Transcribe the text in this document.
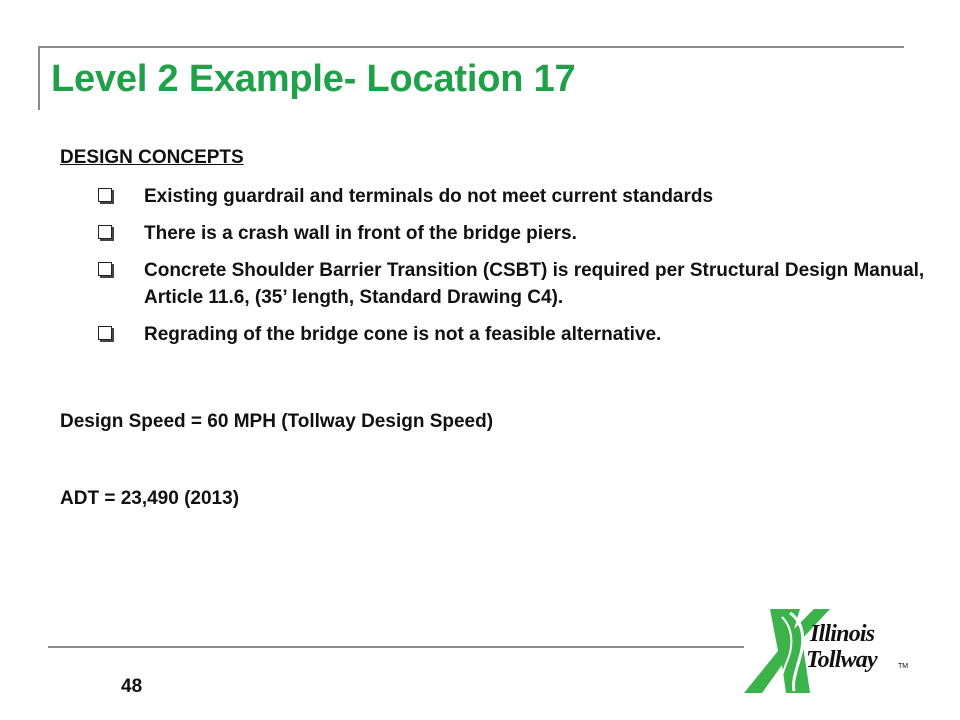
Level 2 Example- Location 17
DESIGN CONCEPTS
Existing guardrail and terminals do not meet current standards
There is a crash wall in front of the bridge piers.
Concrete Shoulder Barrier Transition (CSBT) is required per Structural Design Manual, Article 11.6, (35’ length, Standard Drawing C4).
Regrading of the bridge cone is not a feasible alternative.

Design Speed = 60 MPH (Tollway Design Speed)

ADT = 23,490 (2013)

48
Illinois
Tollway	TM
